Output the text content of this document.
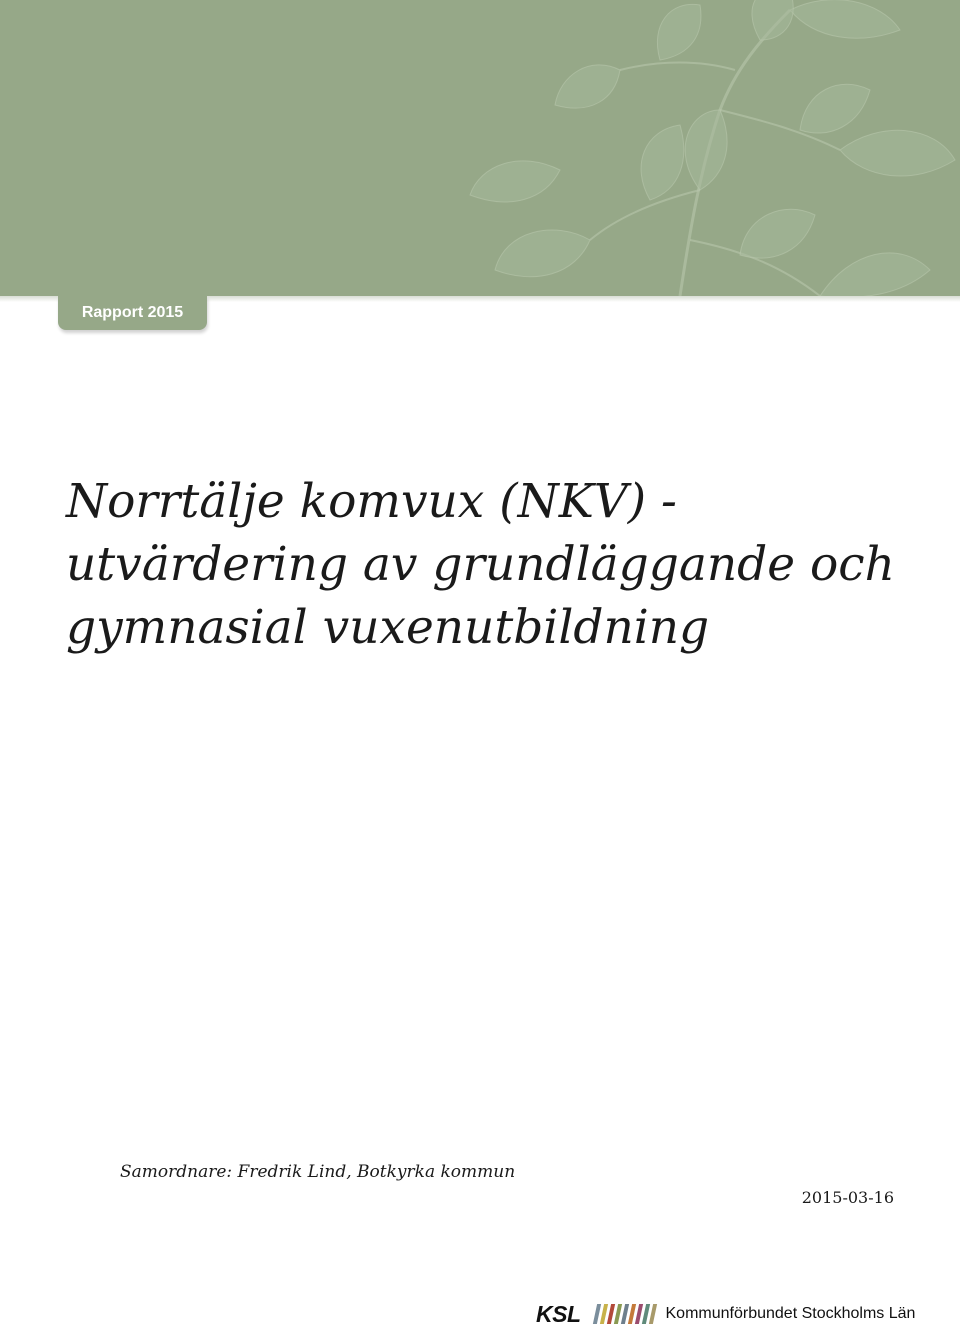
Rapport 2015
Norrtälje komvux (NKV) - utvärdering av grundläggande och gymnasial vuxenutbildning
Samordnare: Fredrik Lind, Botkyrka kommun
2015-03-16
KSL	Kommunförbundet Stockholms Län
